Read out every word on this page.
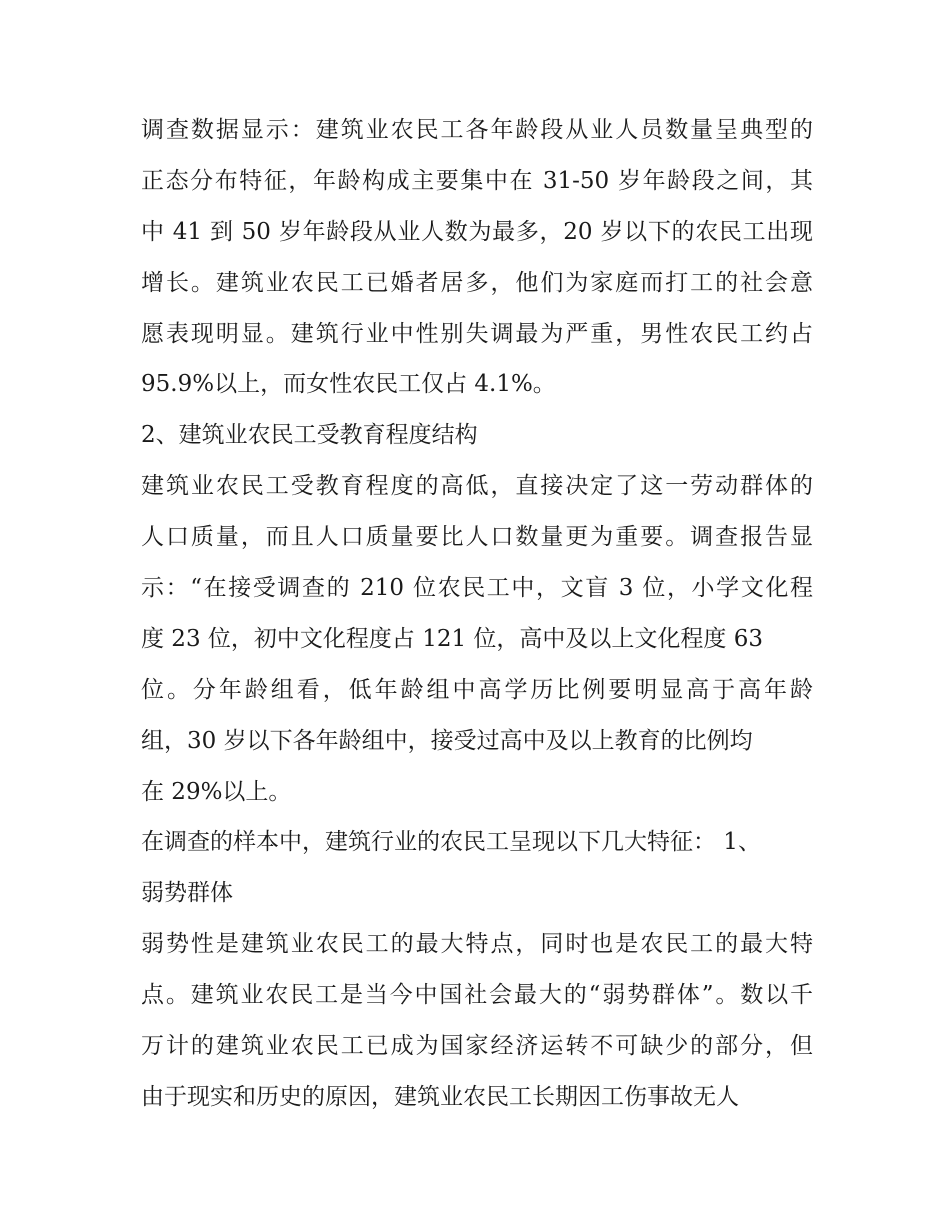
调查数据显示：建筑业农民工各年龄段从业人员数量呈典型的
正态分布特征，年龄构成主要集中在 31-50 岁年龄段之间，其
中 41 到 50 岁年龄段从业人数为最多，20 岁以下的农民工出现
增长。建筑业农民工已婚者居多，他们为家庭而打工的社会意
愿表现明显。建筑行业中性别失调最为严重，男性农民工约占
95.9%以上，而女性农民工仅占 4.1%。
2、建筑业农民工受教育程度结构
建筑业农民工受教育程度的高低，直接决定了这一劳动群体的
人口质量，而且人口质量要比人口数量更为重要。调查报告显
示：“在接受调查的 210 位农民工中，文盲 3 位，小学文化程
度 23 位，初中文化程度占 121 位，高中及以上文化程度 63
位。分年龄组看，低年龄组中高学历比例要明显高于高年龄
组，30 岁以下各年龄组中，接受过高中及以上教育的比例均
在 29%以上。
在调查的样本中，建筑行业的农民工呈现以下几大特征： 1、
弱势群体
弱势性是建筑业农民工的最大特点，同时也是农民工的最大特
点。建筑业农民工是当今中国社会最大的“弱势群体”。数以千
万计的建筑业农民工已成为国家经济运转不可缺少的部分，但
由于现实和历史的原因，建筑业农民工长期因工伤事故无人
